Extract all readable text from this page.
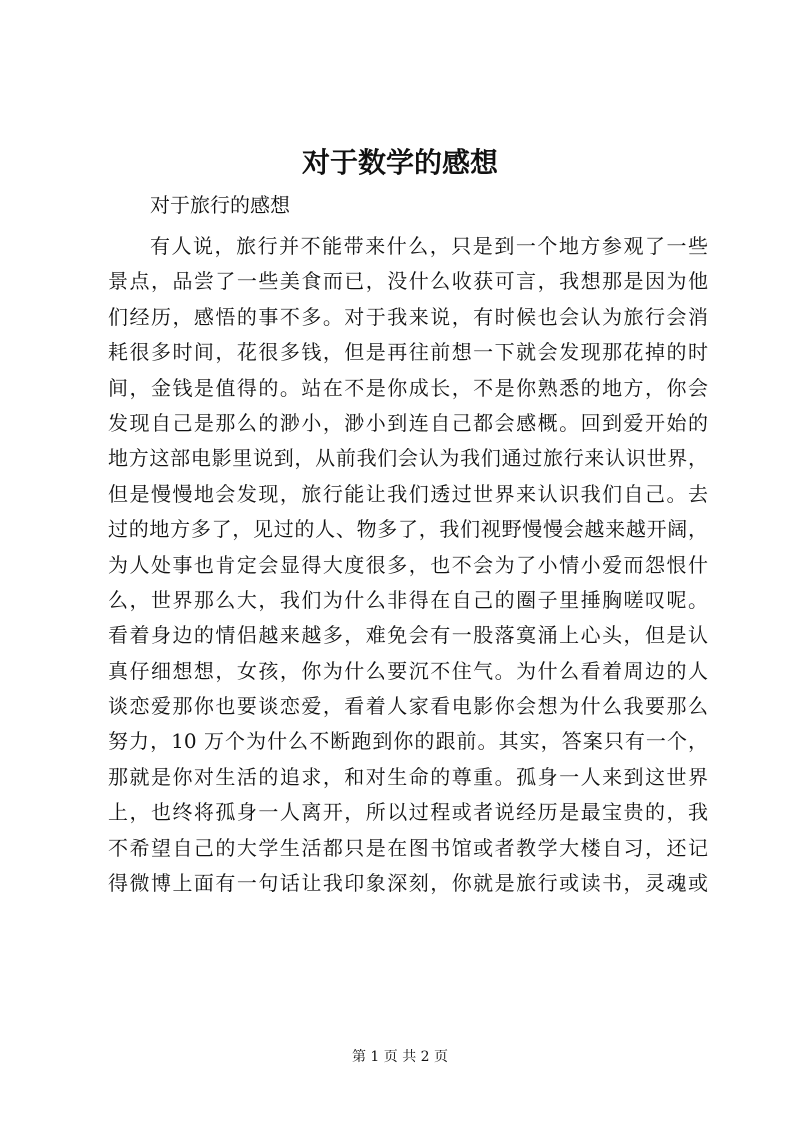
对于数学的感想

对于旅行的感想

有人说，旅行并不能带来什么，只是到一个地方参观了一些
景点，品尝了一些美食而已，没什么收获可言，我想那是因为他
们经历，感悟的事不多。对于我来说，有时候也会认为旅行会消
耗很多时间，花很多钱，但是再往前想一下就会发现那花掉的时
间，金钱是值得的。站在不是你成长，不是你熟悉的地方，你会
发现自己是那么的渺小，渺小到连自己都会感概。回到爱开始的
地方这部电影里说到，从前我们会认为我们通过旅行来认识世界，
但是慢慢地会发现，旅行能让我们透过世界来认识我们自己。去
过的地方多了，见过的人、物多了，我们视野慢慢会越来越开阔，
为人处事也肯定会显得大度很多，也不会为了小情小爱而怨恨什
么，世界那么大，我们为什么非得在自己的圈子里捶胸嗟叹呢。
看着身边的情侣越来越多，难免会有一股落寞涌上心头，但是认
真仔细想想，女孩，你为什么要沉不住气。为什么看着周边的人
谈恋爱那你也要谈恋爱，看着人家看电影你会想为什么我要那么
努力，10 万个为什么不断跑到你的跟前。其实，答案只有一个，
那就是你对生活的追求，和对生命的尊重。孤身一人来到这世界
上，也终将孤身一人离开，所以过程或者说经历是最宝贵的，我
不希望自己的大学生活都只是在图书馆或者教学大楼自习，还记
得微博上面有一句话让我印象深刻，你就是旅行或读书，灵魂或
第 1 页 共 2 页
